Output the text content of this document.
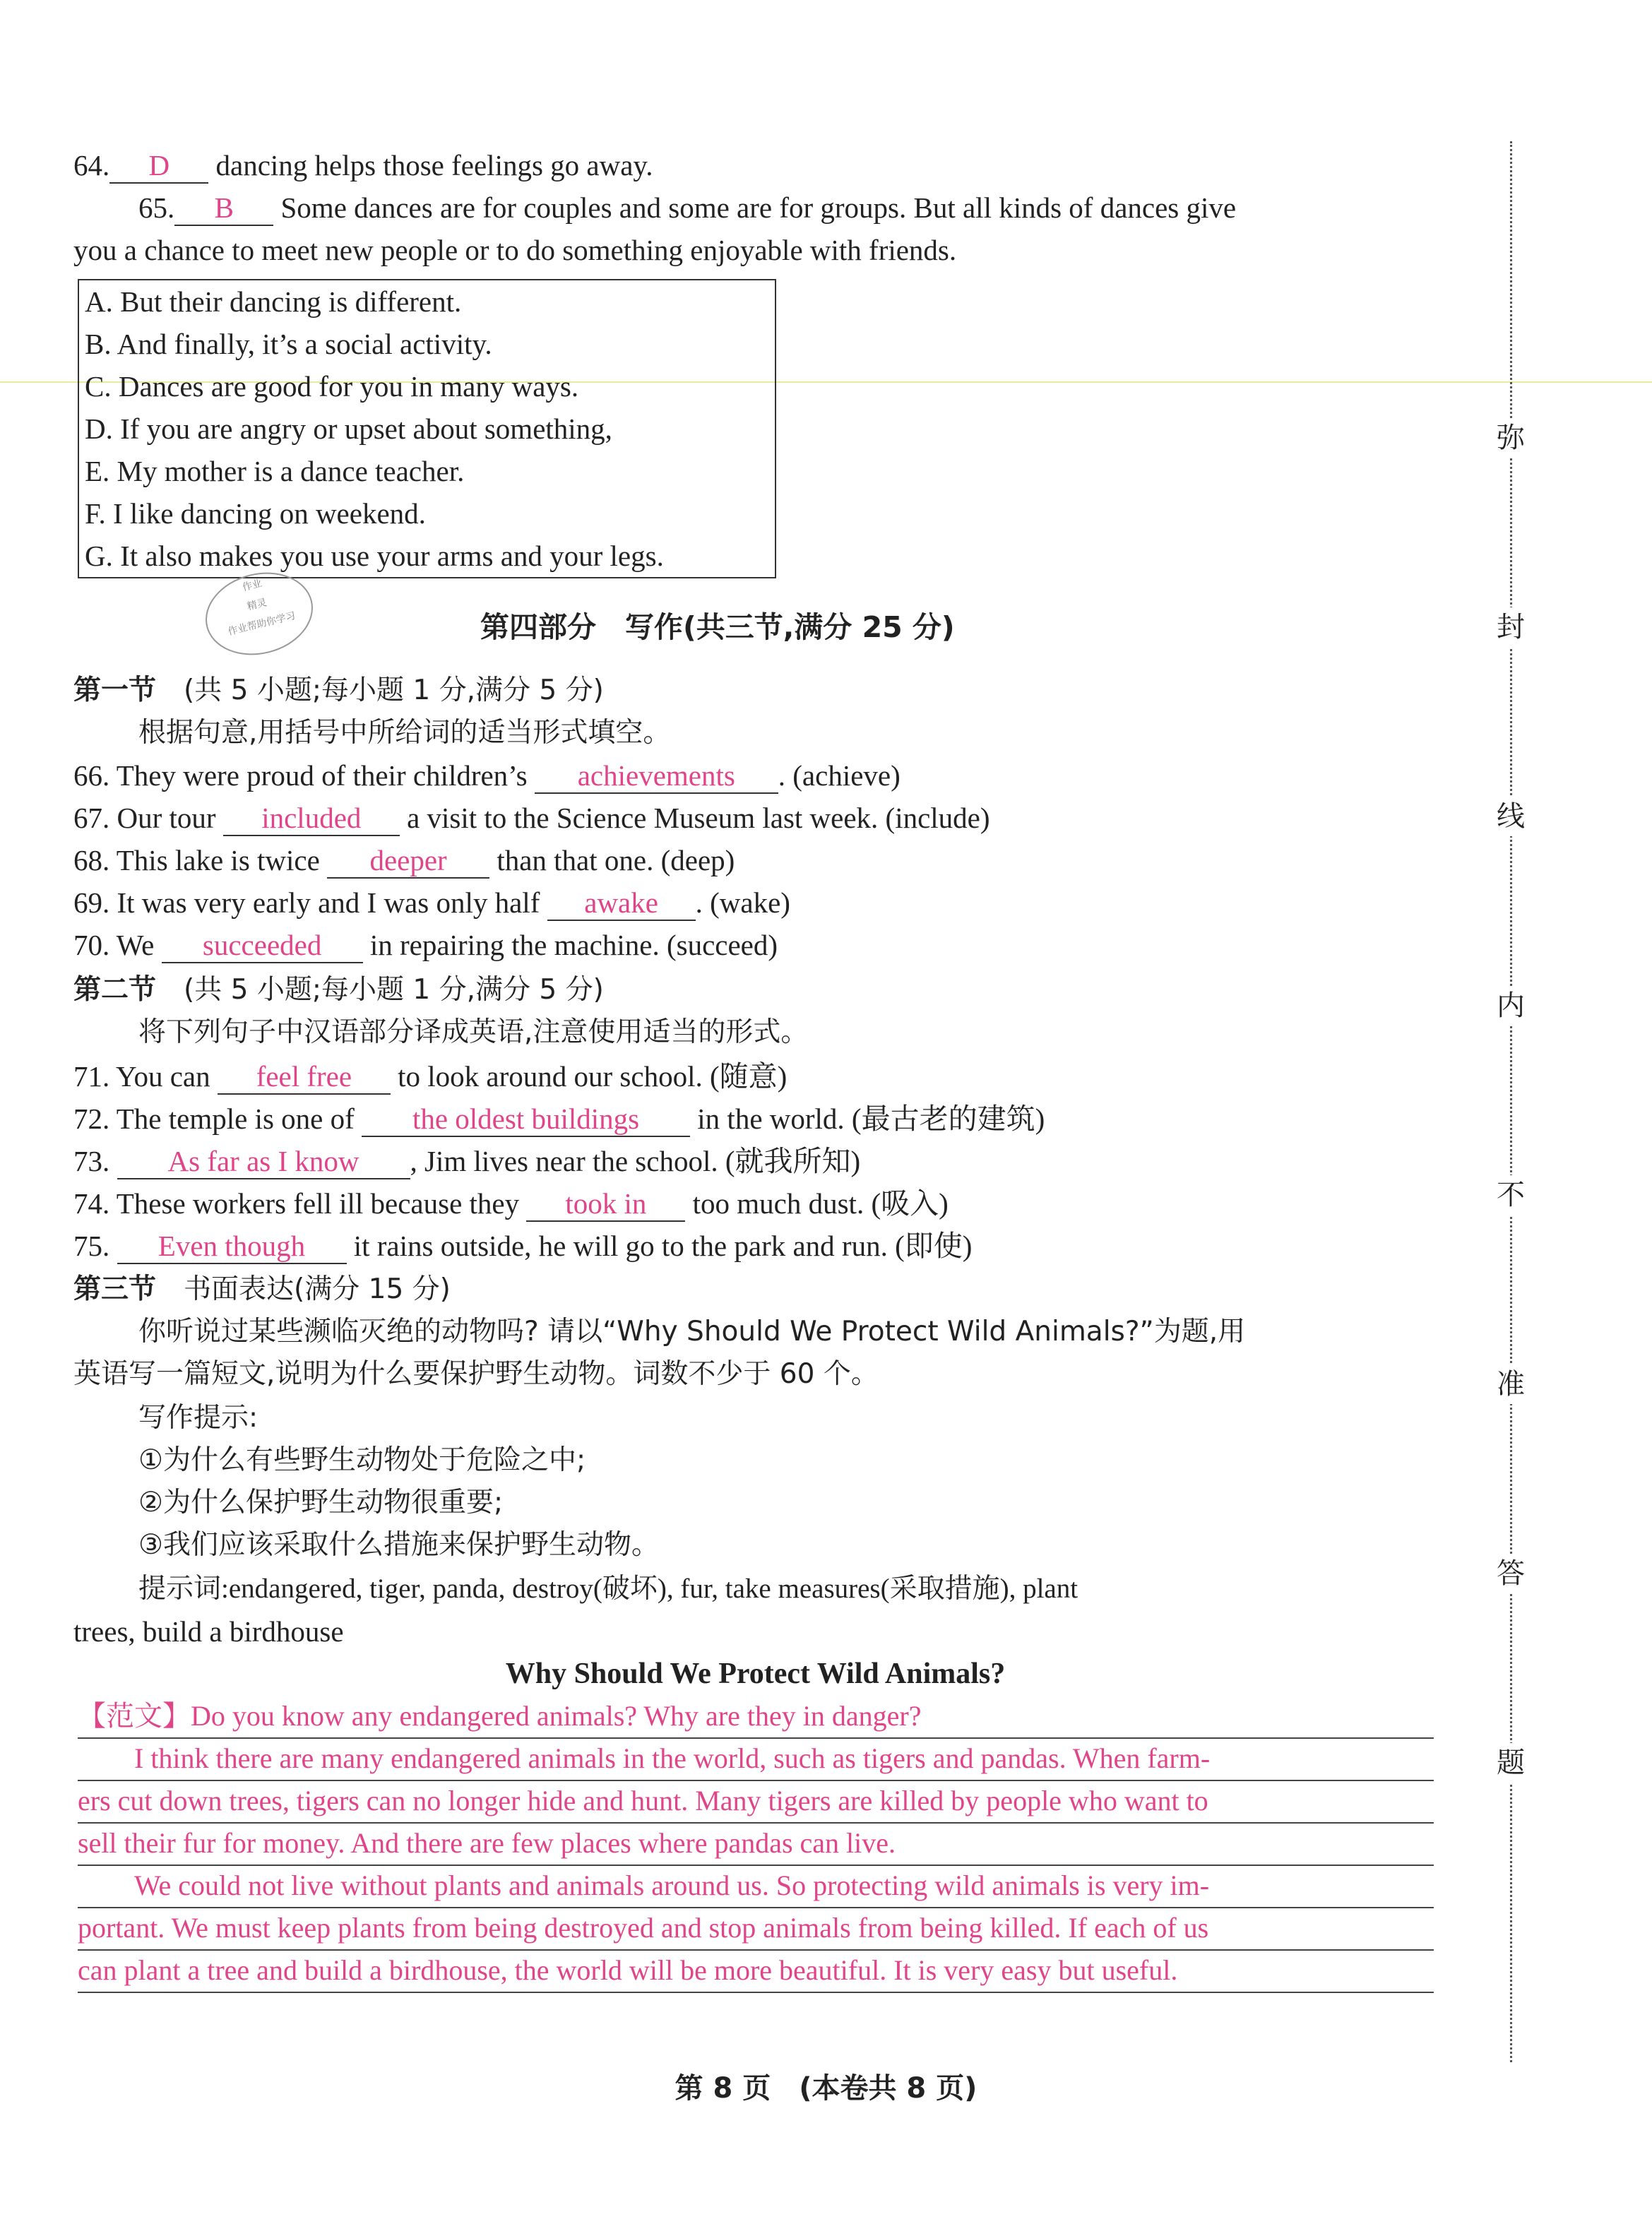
64. D dancing helps those feelings go away.
65. B Some dances are for couples and some are for groups. But all kinds of dances give
you a chance to meet new people or to do something enjoyable with friends.
A. But their dancing is different.
B. And finally, it’s a social activity.
C. Dances are good for you in many ways.
D. If you are angry or upset about something,
E. My mother is a dance teacher.
F. I like dancing on weekend.
G. It also makes you use your arms and your legs.
作业
精灵
作业帮助你学习	第四部分　写作(共三节,满分 25 分)
第一节　 (共 5 小题;每小题 1 分,满分 5 分)
根据句意,用括号中所给词的适当形式填空。
66. They were proud of their children’s achievements . (achieve)
67. Our tour included a visit to the Science Museum last week. (include)
68. This lake is twice deeper than that one. (deep)
69. It was very early and I was only half awake . (wake)
70. We succeeded in repairing the machine. (succeed)
第二节　 (共 5 小题;每小题 1 分,满分 5 分)
将下列句子中汉语部分译成英语,注意使用适当的形式。
71. You can feel free to look around our school. (随意)
72. The temple is one of the oldest buildings in the world. (最古老的建筑)
73. As far as I know , Jim lives near the school. (就我所知)
74. These workers fell ill because they took in too much dust. (吸入)
75. Even though it rains outside, he will go to the park and run. (即使)
第三节　 书面表达(满分 15 分)
你听说过某些濒临灭绝的动物吗? 请以“Why Should We Protect Wild Animals?”为题,用
英语写一篇短文,说明为什么要保护野生动物。词数不少于 60 个。
写作提示:
①为什么有些野生动物处于危险之中;
②为什么保护野生动物很重要;
③我们应该采取什么措施来保护野生动物。
提示词:endangered, tiger, panda, destroy(破坏), fur, take measures(采取措施), plant
trees, build a birdhouse
Why Should We Protect Wild Animals?
【范文】Do you know any endangered animals? Why are they in danger?
　　I think there are many endangered animals in the world, such as tigers and pandas. When farm-
ers cut down trees, tigers can no longer hide and hunt. Many tigers are killed by people who want to
sell their fur for money. And there are few places where pandas can live.
　　We could not live without plants and animals around us. So protecting wild animals is very im-
portant. We must keep plants from being destroyed and stop animals from being killed. If each of us
can plant a tree and build a birdhouse, the world will be more beautiful. It is very easy but useful.
弥
封
线
内
不
准
答
题
第 8 页　(本卷共 8 页)
